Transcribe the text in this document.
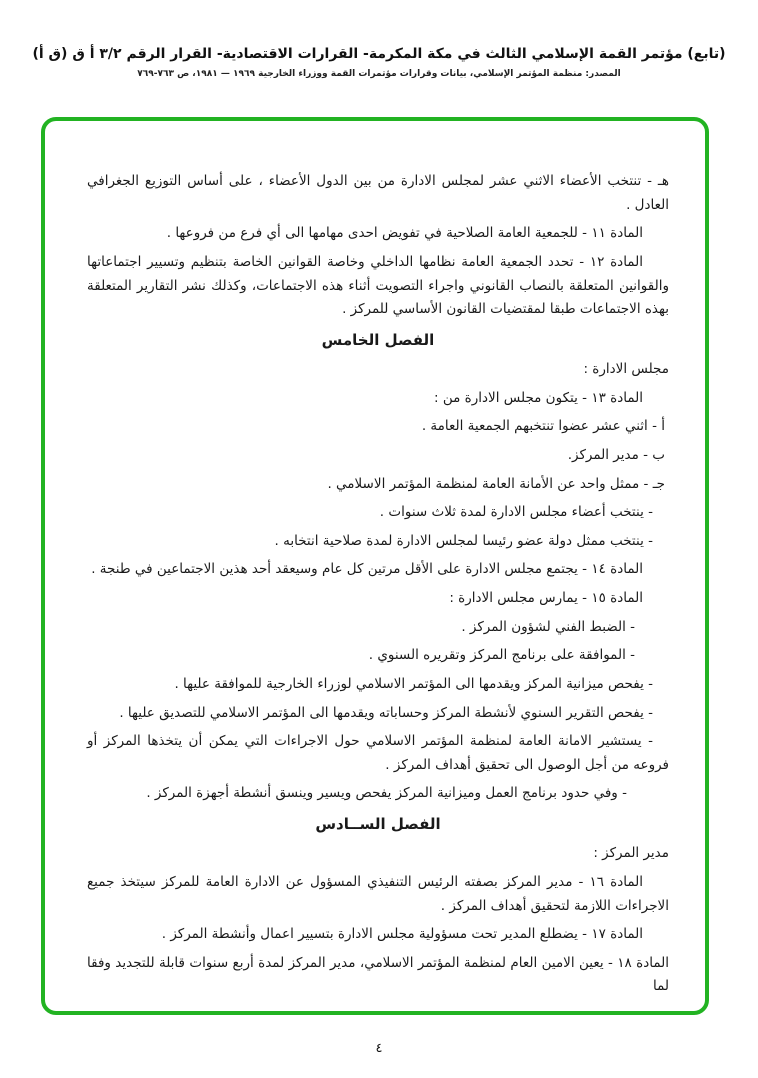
(تابع) مؤتمر القمة الإسلامي الثالث في مكة المكرمة- القرارات الاقتصادية- القرار الرقم ٣/٢ أ ق (ق أ)
المصدر: منظمة المؤتمر الإسلامي، بيانات وقرارات مؤتمرات القمة ووزراء الخارجية ١٩٦٩ — ١٩٨١، ص ٧٦٣-٧٦٩

هـ - تنتخب الأعضاء الاثني عشر لمجلس الادارة من بين الدول الأعضاء ، على أساس التوزيع الجغرافي العادل .

المادة ١١ - للجمعية العامة الصلاحية في تفويض احدى مهامها الى أي فرع من فروعها .

المادة ١٢ - تحدد الجمعية العامة نظامها الداخلي وخاصة القوانين الخاصة بتنظيم وتسيير اجتماعاتها والقوانين المتعلقة بالنصاب القانوني واجراء التصويت أثناء هذه الاجتماعات، وكذلك نشر التقارير المتعلقة بهذه الاجتماعات طبقا لمقتضيات القانون الأساسي للمركز .

الفصل الخامس

مجلس الادارة :

المادة ١٣ - يتكون مجلس الادارة من :

أ - اثني عشر عضوا تنتخبهم الجمعية العامة .

ب - مدير المركز.

جـ - ممثل واحد عن الأمانة العامة لمنظمة المؤتمر الاسلامي .

- ينتخب أعضاء مجلس الادارة لمدة ثلاث سنوات .

- ينتخب ممثل دولة عضو رئيسا لمجلس الادارة لمدة صلاحية انتخابه .

المادة ١٤ - يجتمع مجلس الادارة على الأقل مرتين كل عام وسيعقد أحد هذين الاجتماعين في طنجة .

المادة ١٥ - يمارس مجلس الادارة :

- الضبط الفني لشؤون المركز .

- الموافقة على برنامج المركز وتقريره السنوي .

- يفحص ميزانية المركز ويقدمها الى المؤتمر الاسلامي لوزراء الخارجية للموافقة عليها .

- يفحص التقرير السنوي لأنشطة المركز وحساباته ويقدمها الى المؤتمر الاسلامي للتصديق عليها .

- يستشير الامانة العامة لمنظمة المؤتمر الاسلامي حول الاجراءات التي يمكن أن يتخذها المركز أو فروعه من أجل الوصول الى تحقيق أهداف المركز .

- وفي حدود برنامج العمل وميزانية المركز يفحص ويسير وينسق أنشطة أجهزة المركز .

الفصل الســادس

مدير المركز :

المادة ١٦ - مدير المركز بصفته الرئيس التنفيذي المسؤول عن الادارة العامة للمركز سيتخذ جميع الاجراءات اللازمة لتحقيق أهداف المركز .

المادة ١٧ - يضطلع المدير تحت مسؤولية مجلس الادارة بتسيير اعمال وأنشطة المركز .

المادة ١٨ - يعين الامين العام لمنظمة المؤتمر الاسلامي، مدير المركز لمدة أربع سنوات قابلة للتجديد وفقا لما

٤
